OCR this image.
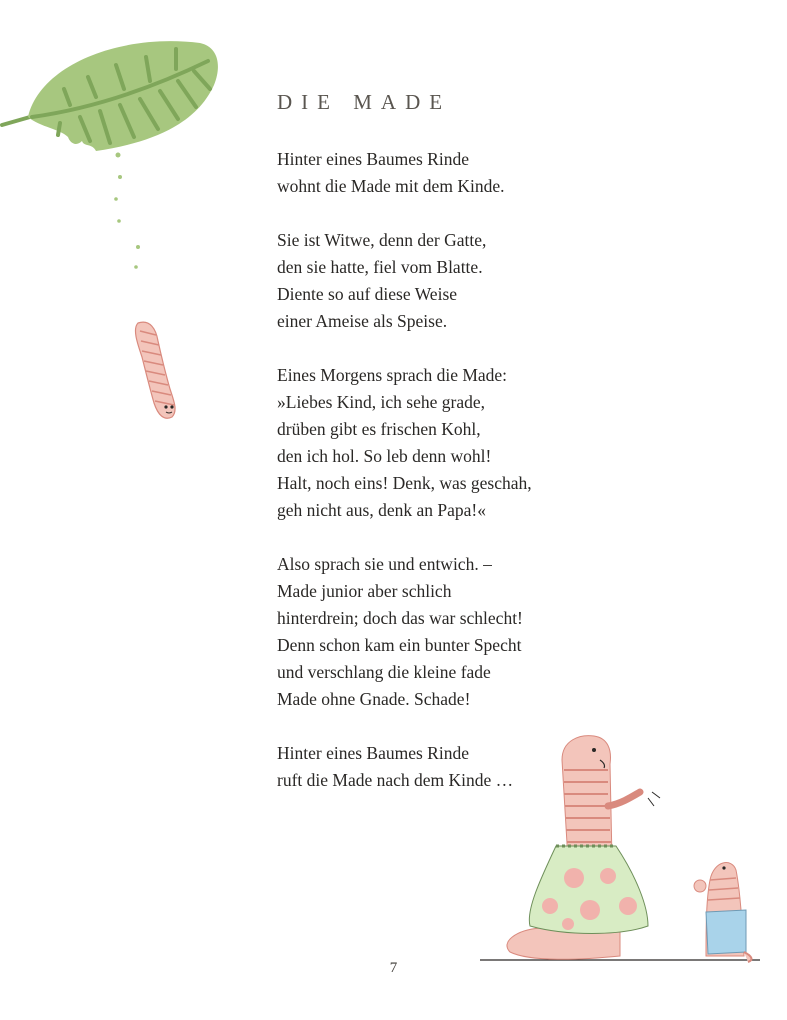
DIE MADE
Hinter eines Baumes Rinde
wohnt die Made mit dem Kinde.
Sie ist Witwe, denn der Gatte,
den sie hatte, fiel vom Blatte.
Diente so auf diese Weise
einer Ameise als Speise.
Eines Morgens sprach die Made:
»Liebes Kind, ich sehe grade,
drüben gibt es frischen Kohl,
den ich hol. So leb denn wohl!
Halt, noch eins! Denk, was geschah,
geh nicht aus, denk an Papa!«
Also sprach sie und entwich. –
Made junior aber schlich
hinterdrein; doch das war schlecht!
Denn schon kam ein bunter Specht
und verschlang die kleine fade
Made ohne Gnade. Schade!
Hinter eines Baumes Rinde
ruft die Made nach dem Kinde …
7
